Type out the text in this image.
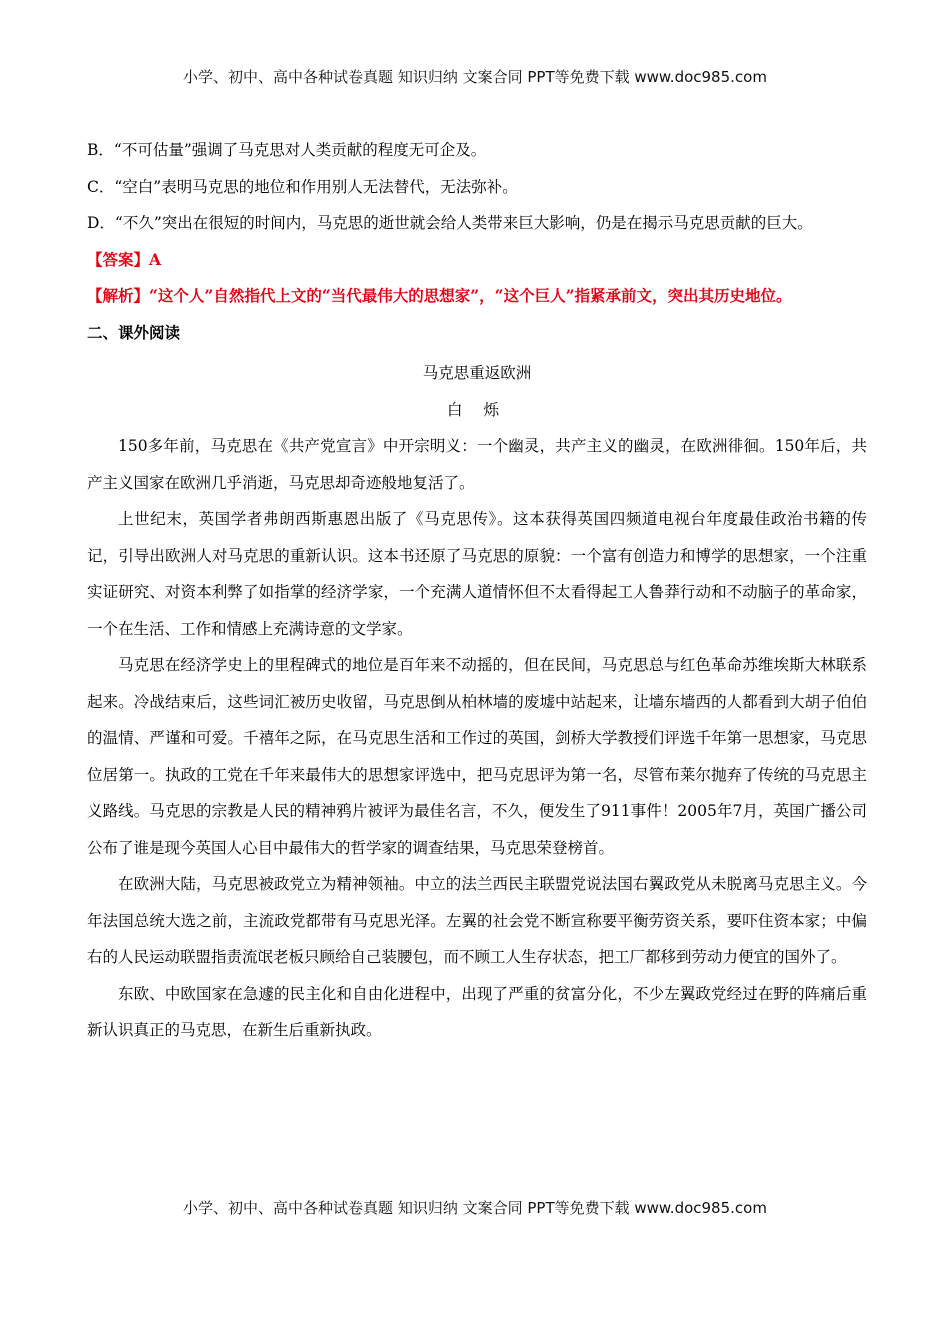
小学、初中、高中各种试卷真题 知识归纳 文案合同 PPT等免费下载 www.doc985.com

B．“不可估量”强调了马克思对人类贡献的程度无可企及。

C．“空白”表明马克思的地位和作用别人无法替代，无法弥补。

D．“不久”突出在很短的时间内，马克思的逝世就会给人类带来巨大影响，仍是在揭示马克思贡献的巨大。

【答案】A

【解析】“这个人”自然指代上文的“当代最伟大的思想家”，“这个巨人”指紧承前文，突出其历史地位。

二、课外阅读

马克思重返欧洲

白 烁

150多年前，马克思在《共产党宣言》中开宗明义：一个幽灵，共产主义的幽灵，在欧洲徘徊。150年后，共产主义国家在欧洲几乎消逝，马克思却奇迹般地复活了。

上世纪末，英国学者弗朗西斯惠恩出版了《马克思传》。这本获得英国四频道电视台年度最佳政治书籍的传记，引导出欧洲人对马克思的重新认识。这本书还原了马克思的原貌：一个富有创造力和博学的思想家，一个注重实证研究、对资本利弊了如指掌的经济学家，一个充满人道情怀但不太看得起工人鲁莽行动和不动脑子的革命家，一个在生活、工作和情感上充满诗意的文学家。

马克思在经济学史上的里程碑式的地位是百年来不动摇的，但在民间，马克思总与红色革命苏维埃斯大林联系起来。冷战结束后，这些词汇被历史收留，马克思倒从柏林墙的废墟中站起来，让墙东墙西的人都看到大胡子伯伯的温情、严谨和可爱。千禧年之际，在马克思生活和工作过的英国，剑桥大学教授们评选千年第一思想家，马克思位居第一。执政的工党在千年来最伟大的思想家评选中，把马克思评为第一名，尽管布莱尔抛弃了传统的马克思主义路线。马克思的宗教是人民的精神鸦片被评为最佳名言，不久，便发生了911事件！2005年7月，英国广播公司公布了谁是现今英国人心目中最伟大的哲学家的调查结果，马克思荣登榜首。

在欧洲大陆，马克思被政党立为精神领袖。中立的法兰西民主联盟党说法国右翼政党从未脱离马克思主义。今年法国总统大选之前，主流政党都带有马克思光泽。左翼的社会党不断宣称要平衡劳资关系，要吓住资本家；中偏右的人民运动联盟指责流氓老板只顾给自己装腰包，而不顾工人生存状态，把工厂都移到劳动力便宜的国外了。

东欧、中欧国家在急遽的民主化和自由化进程中，出现了严重的贫富分化，不少左翼政党经过在野的阵痛后重新认识真正的马克思，在新生后重新执政。

小学、初中、高中各种试卷真题 知识归纳 文案合同 PPT等免费下载 www.doc985.com
